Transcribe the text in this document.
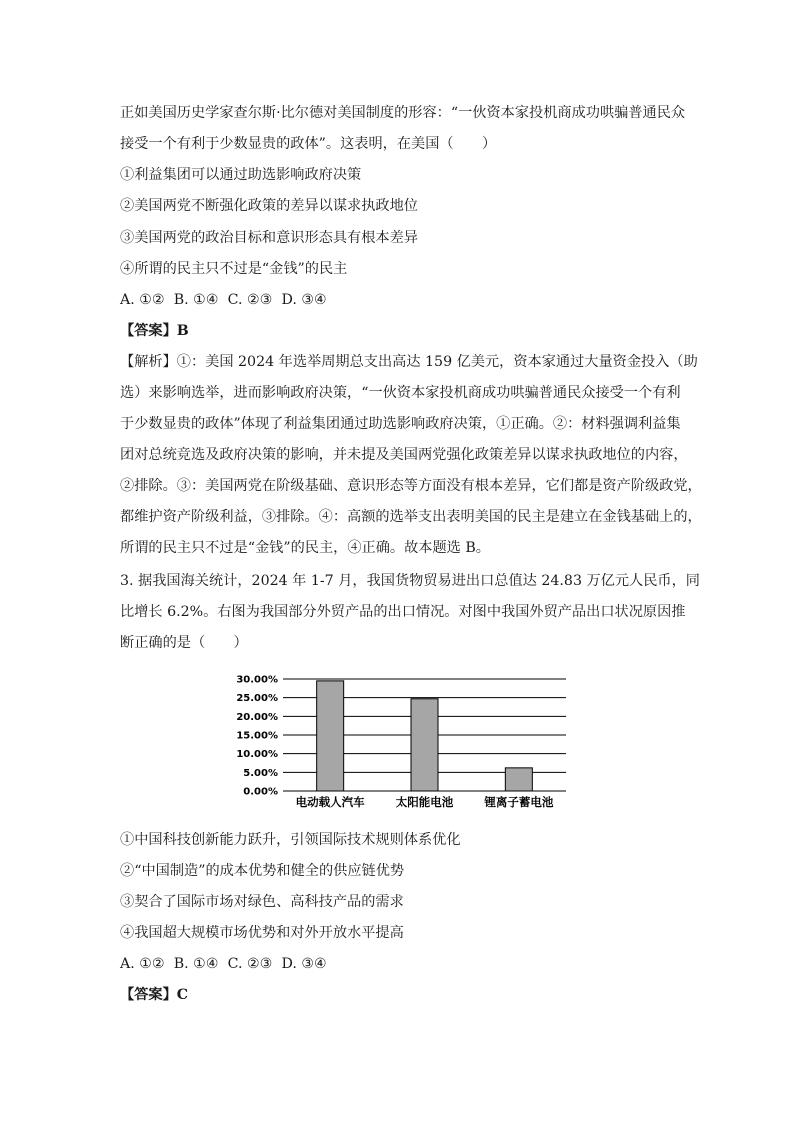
正如美国历史学家查尔斯·比尔德对美国制度的形容：“一伙资本家投机商成功哄骗普通民众
接受一个有利于少数显贵的政体”。这表明，在美国（　　）
①利益集团可以通过助选影响政府决策
②美国两党不断强化政策的差异以谋求执政地位
③美国两党的政治目标和意识形态具有根本差异
④所谓的民主只不过是“金钱”的民主
A. ①②  B. ①④  C. ②③  D. ③④
【答案】B
【解析】①：美国 2024 年选举周期总支出高达 159 亿美元，资本家通过大量资金投入（助
选）来影响选举，进而影响政府决策，“一伙资本家投机商成功哄骗普通民众接受一个有利
于少数显贵的政体”体现了利益集团通过助选影响政府决策，①正确。②：材料强调利益集
团对总统竞选及政府决策的影响，并未提及美国两党强化政策差异以谋求执政地位的内容，
②排除。③：美国两党在阶级基础、意识形态等方面没有根本差异，它们都是资产阶级政党，
都维护资产阶级利益，③排除。④：高额的选举支出表明美国的民主是建立在金钱基础上的，
所谓的民主只不过是“金钱”的民主，④正确。故本题选 B。
3. 据我国海关统计，2024 年 1-7 月，我国货物贸易进出口总值达 24.83 万亿元人民币，同
比增长 6.2%。右图为我国部分外贸产品的出口情况。对图中我国外贸产品出口状况原因推
断正确的是（　　）
0.00%
5.00%
10.00%
15.00%
20.00%
25.00%
30.00%
电动载人汽车	太阳能电池	锂离子蓄电池
①中国科技创新能力跃升，引领国际技术规则体系优化
②“中国制造”的成本优势和健全的供应链优势
③契合了国际市场对绿色、高科技产品的需求
④我国超大规模市场优势和对外开放水平提高
A. ①②  B. ①④  C. ②③  D. ③④
【答案】C
